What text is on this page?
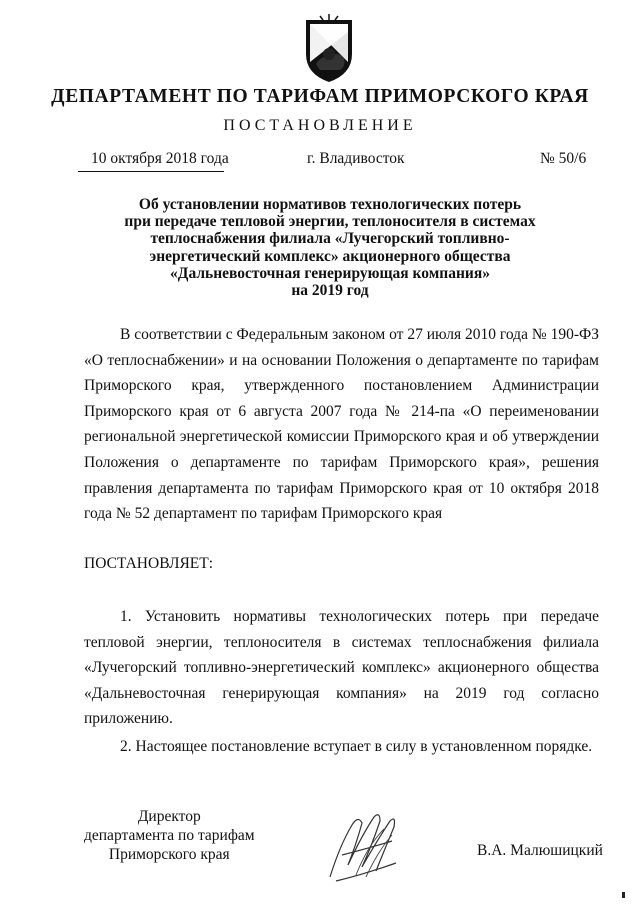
ДЕПАРТАМЕНТ ПО ТАРИФАМ ПРИМОРСКОГО КРАЯ
ПОСТАНОВЛЕНИЕ
10 октября 2018 года	г. Владивосток	№ 50/6
Об установлении нормативов технологических потерь
при передаче тепловой энергии, теплоносителя в системах
теплоснабжения филиала «Лучегорский топливно-
энергетический комплекс» акционерного общества
«Дальневосточная генерирующая компания»
на 2019 год

В соответствии с Федеральным законом от 27 июля 2010 года № 190-ФЗ «О теплоснабжении» и на основании Положения о департаменте по тарифам Приморского края, утвержденного постановлением Администрации Приморского края от 6 августа 2007 года № 214-па «О переименовании региональной энергетической комиссии Приморского края и об утверждении Положения о департаменте по тарифам Приморского края», решения правления департамента по тарифам Приморского края от 10 октября 2018 года № 52 департамент по тарифам Приморского края

ПОСТАНОВЛЯЕТ:

1. Установить нормативы технологических потерь при передаче тепловой энергии, теплоносителя в системах теплоснабжения филиала «Лучегорский топливно-энергетический комплекс» акционерного общества «Дальневосточная генерирующая компания» на 2019 год согласно приложению.

2. Настоящее постановление вступает в силу в установленном порядке.

Директор
департамента по тарифам
Приморского края	В.А. Малюшицкий
